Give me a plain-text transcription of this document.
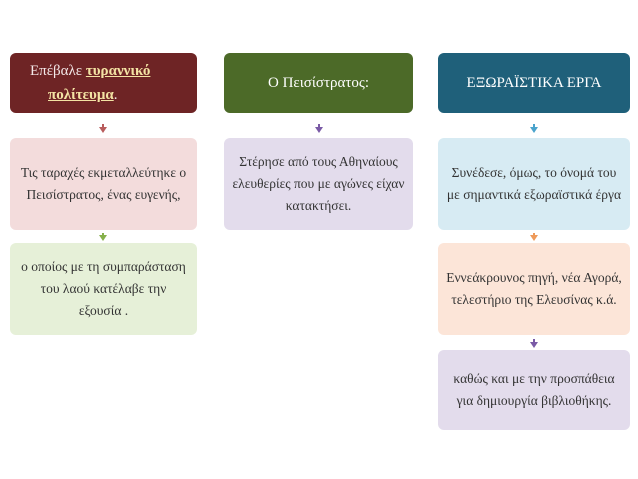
Επέβαλε τυραννικό
πολίτευμα.
Τις ταραχές εκμεταλλεύτηκε ο Πεισίστρατος, ένας ευγενής,
ο οποίος με τη συμπαράσταση του λαού κατέλαβε την εξουσία .
Ο Πεισίστρατος:
Στέρησε από τους Αθηναίους ελευθερίες που με αγώνες είχαν κατακτήσει.
ΕΞΩΡΑΪΣΤΙΚΑ ΕΡΓΑ
Συνέδεσε, όμως, το όνομά του με σημαντικά εξωραϊστικά έργα
Εννεάκρουνος πηγή, νέα Αγορά, τελεστήριο της Ελευσίνας κ.ά.
καθώς και με την προσπάθεια για δημιουργία βιβλιοθήκης.
